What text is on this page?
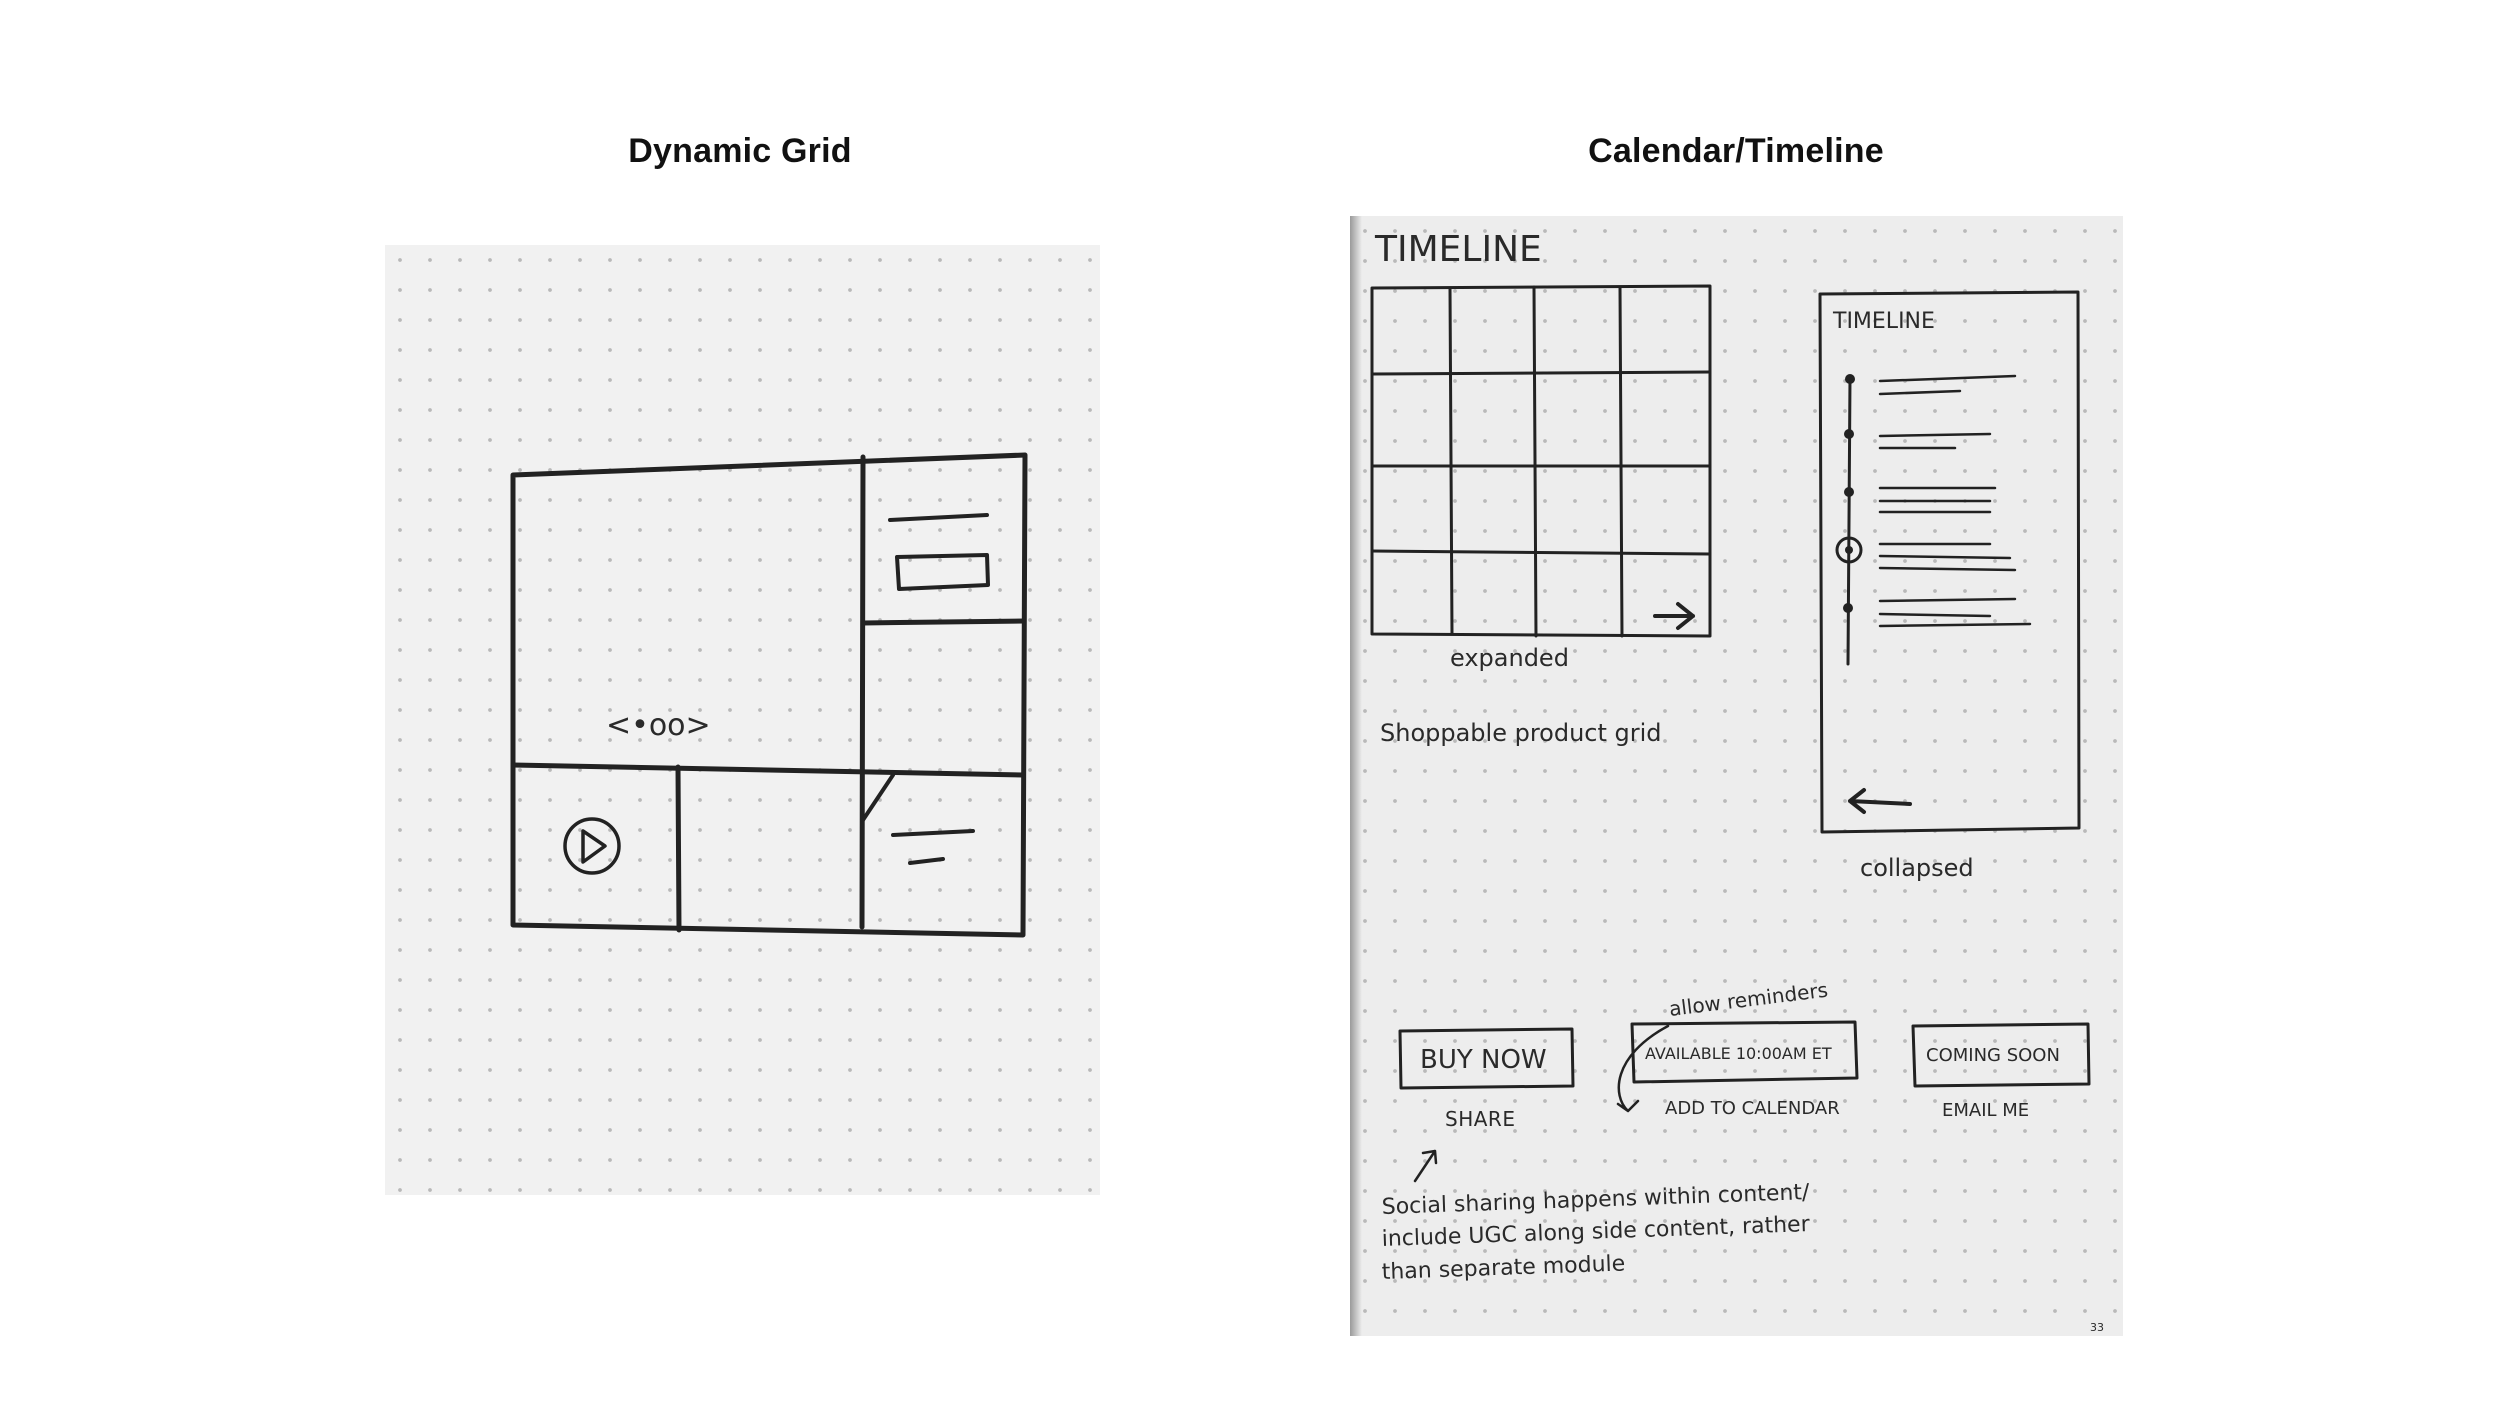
Dynamic Grid	Calendar/Timeline
<•oo>
TIMELINE
expanded
Shoppable product grid
TIMELINE
collapsed
allow reminders
BUY NOW
SHARE
AVAILABLE 10:00AM ET
ADD TO CALENDAR
COMING SOON
EMAIL ME
Social sharing happens within content/
include UGC along side content, rather
than separate module
33
